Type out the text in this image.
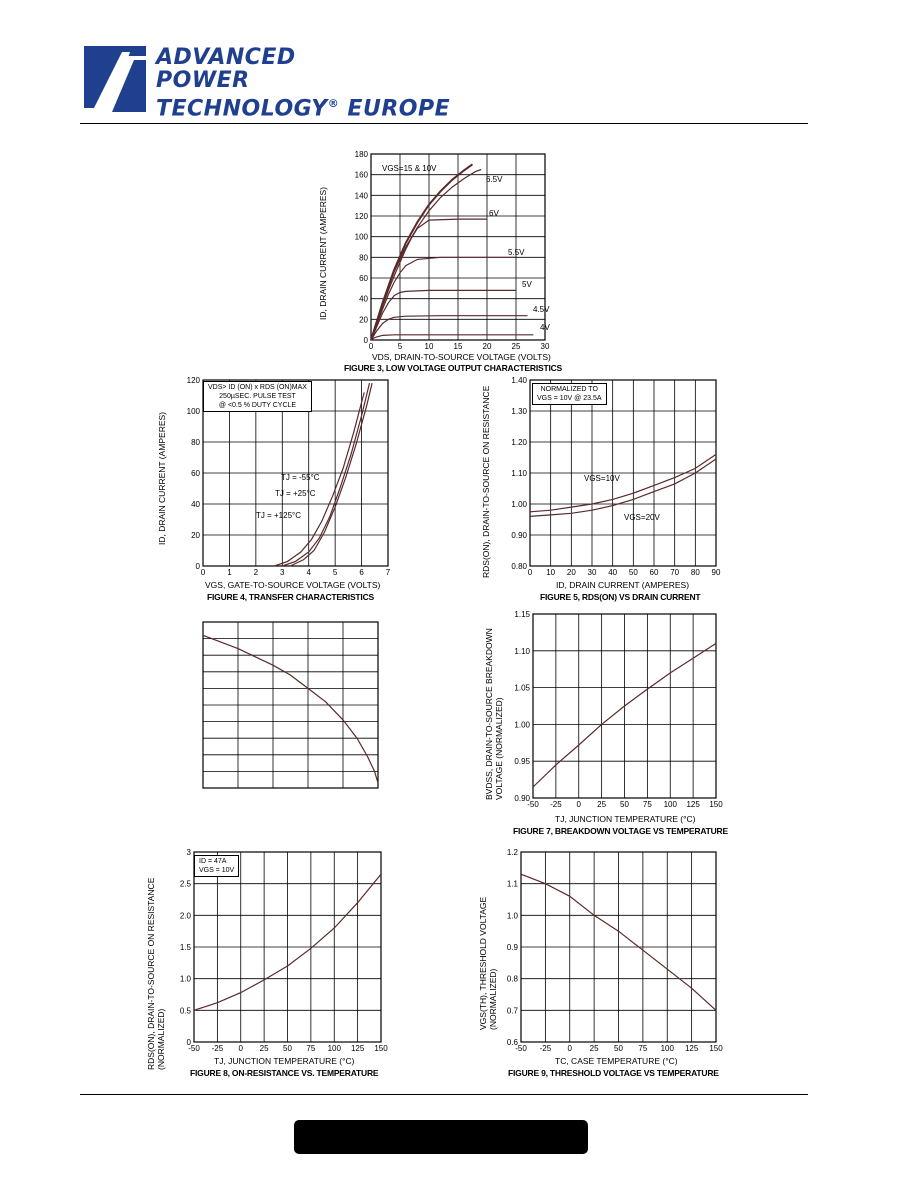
ADVANCED
POWER
TECHNOLOGY® EUROPE
0	5	10	15	20	25	30
0
20
40
60
80
100
120
140
160
180
VGS=15 & 10V
6.5V
6V
5.5V
5V
4.5V
4V
0	1	2	3	4	5	6	7
0
20
40
60
80
100
120
TJ = -55°C
TJ = +25°C
TJ = +125°C
0 10 20 30 40 50 60 70 80 90
0.80
0.90
1.00
1.10
1.20
1.30
1.40
VGS=10V
VGS=20V
-50 -25 0 25 50 75 100 125 150
0.90
0.95
1.00
1.05
1.10
1.15
-50 -25 0 25 50 75 100 125 150
0
0.5
1.0
1.5
2.0
2.5
3
-50 -25 0 25 50 75 100 125 150
0.6
0.7
0.8
0.9
1.0
1.1
1.2
FIGURE 3, LOW VOLTAGE OUTPUT CHARACTERISTICS
VDS, DRAIN-TO-SOURCE VOLTAGE (VOLTS)
ID, DRAIN CURRENT (AMPERES)
FIGURE 4, TRANSFER CHARACTERISTICS
VGS, GATE-TO-SOURCE VOLTAGE (VOLTS)
ID, DRAIN CURRENT (AMPERES)
VDS> ID (ON) x RDS (ON)MAX
250µSEC. PULSE TEST
@ <0.5 % DUTY CYCLE
FIGURE 5, RDS(ON) VS DRAIN CURRENT
ID, DRAIN CURRENT (AMPERES)
RDS(ON), DRAIN-TO-SOURCE ON RESISTANCE	NORMALIZED TO
VGS = 10V @ 23.5A
FIGURE 7, BREAKDOWN VOLTAGE VS TEMPERATURE
TJ, JUNCTION TEMPERATURE (°C)
BVDSS, DRAIN-TO-SOURCE BREAKDOWN VOLTAGE (NORMALIZED)
FIGURE 8, ON-RESISTANCE VS. TEMPERATURE
TJ, JUNCTION TEMPERATURE (°C)
RDS(ON), DRAIN-TO-SOURCE ON RESISTANCE (NORMALIZED)
ID = 47A
VGS = 10V
FIGURE 9, THRESHOLD VOLTAGE VS TEMPERATURE
TC, CASE TEMPERATURE (°C)
VGS(TH), THRESHOLD VOLTAGE (NORMALIZED)
